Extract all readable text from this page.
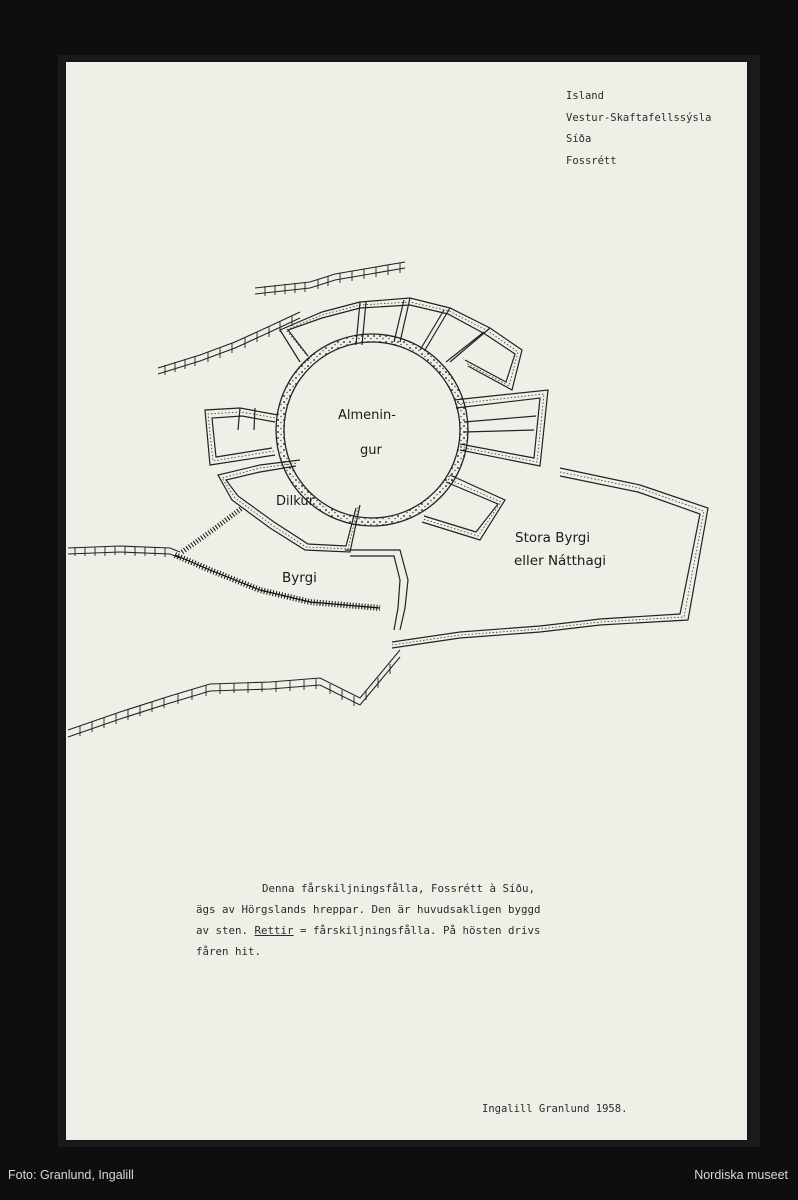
Island
Vestur-Skaftafellssýsla
Síða
Fossrétt
Almenin-
gur
Dilkur
Byrgi
Stora Byrgi
eller Nátthagi

Denna fårskiljningsfålla, Fossrétt à Síðu,

ägs av Hörgslands hreppar. Den är huvudsakligen byggd

av sten. Rettir = fårskiljningsfålla. På hösten drivs

fåren hit.

Ingalill Granlund 1958.
Foto: Granlund, Ingalill	Nordiska museet
